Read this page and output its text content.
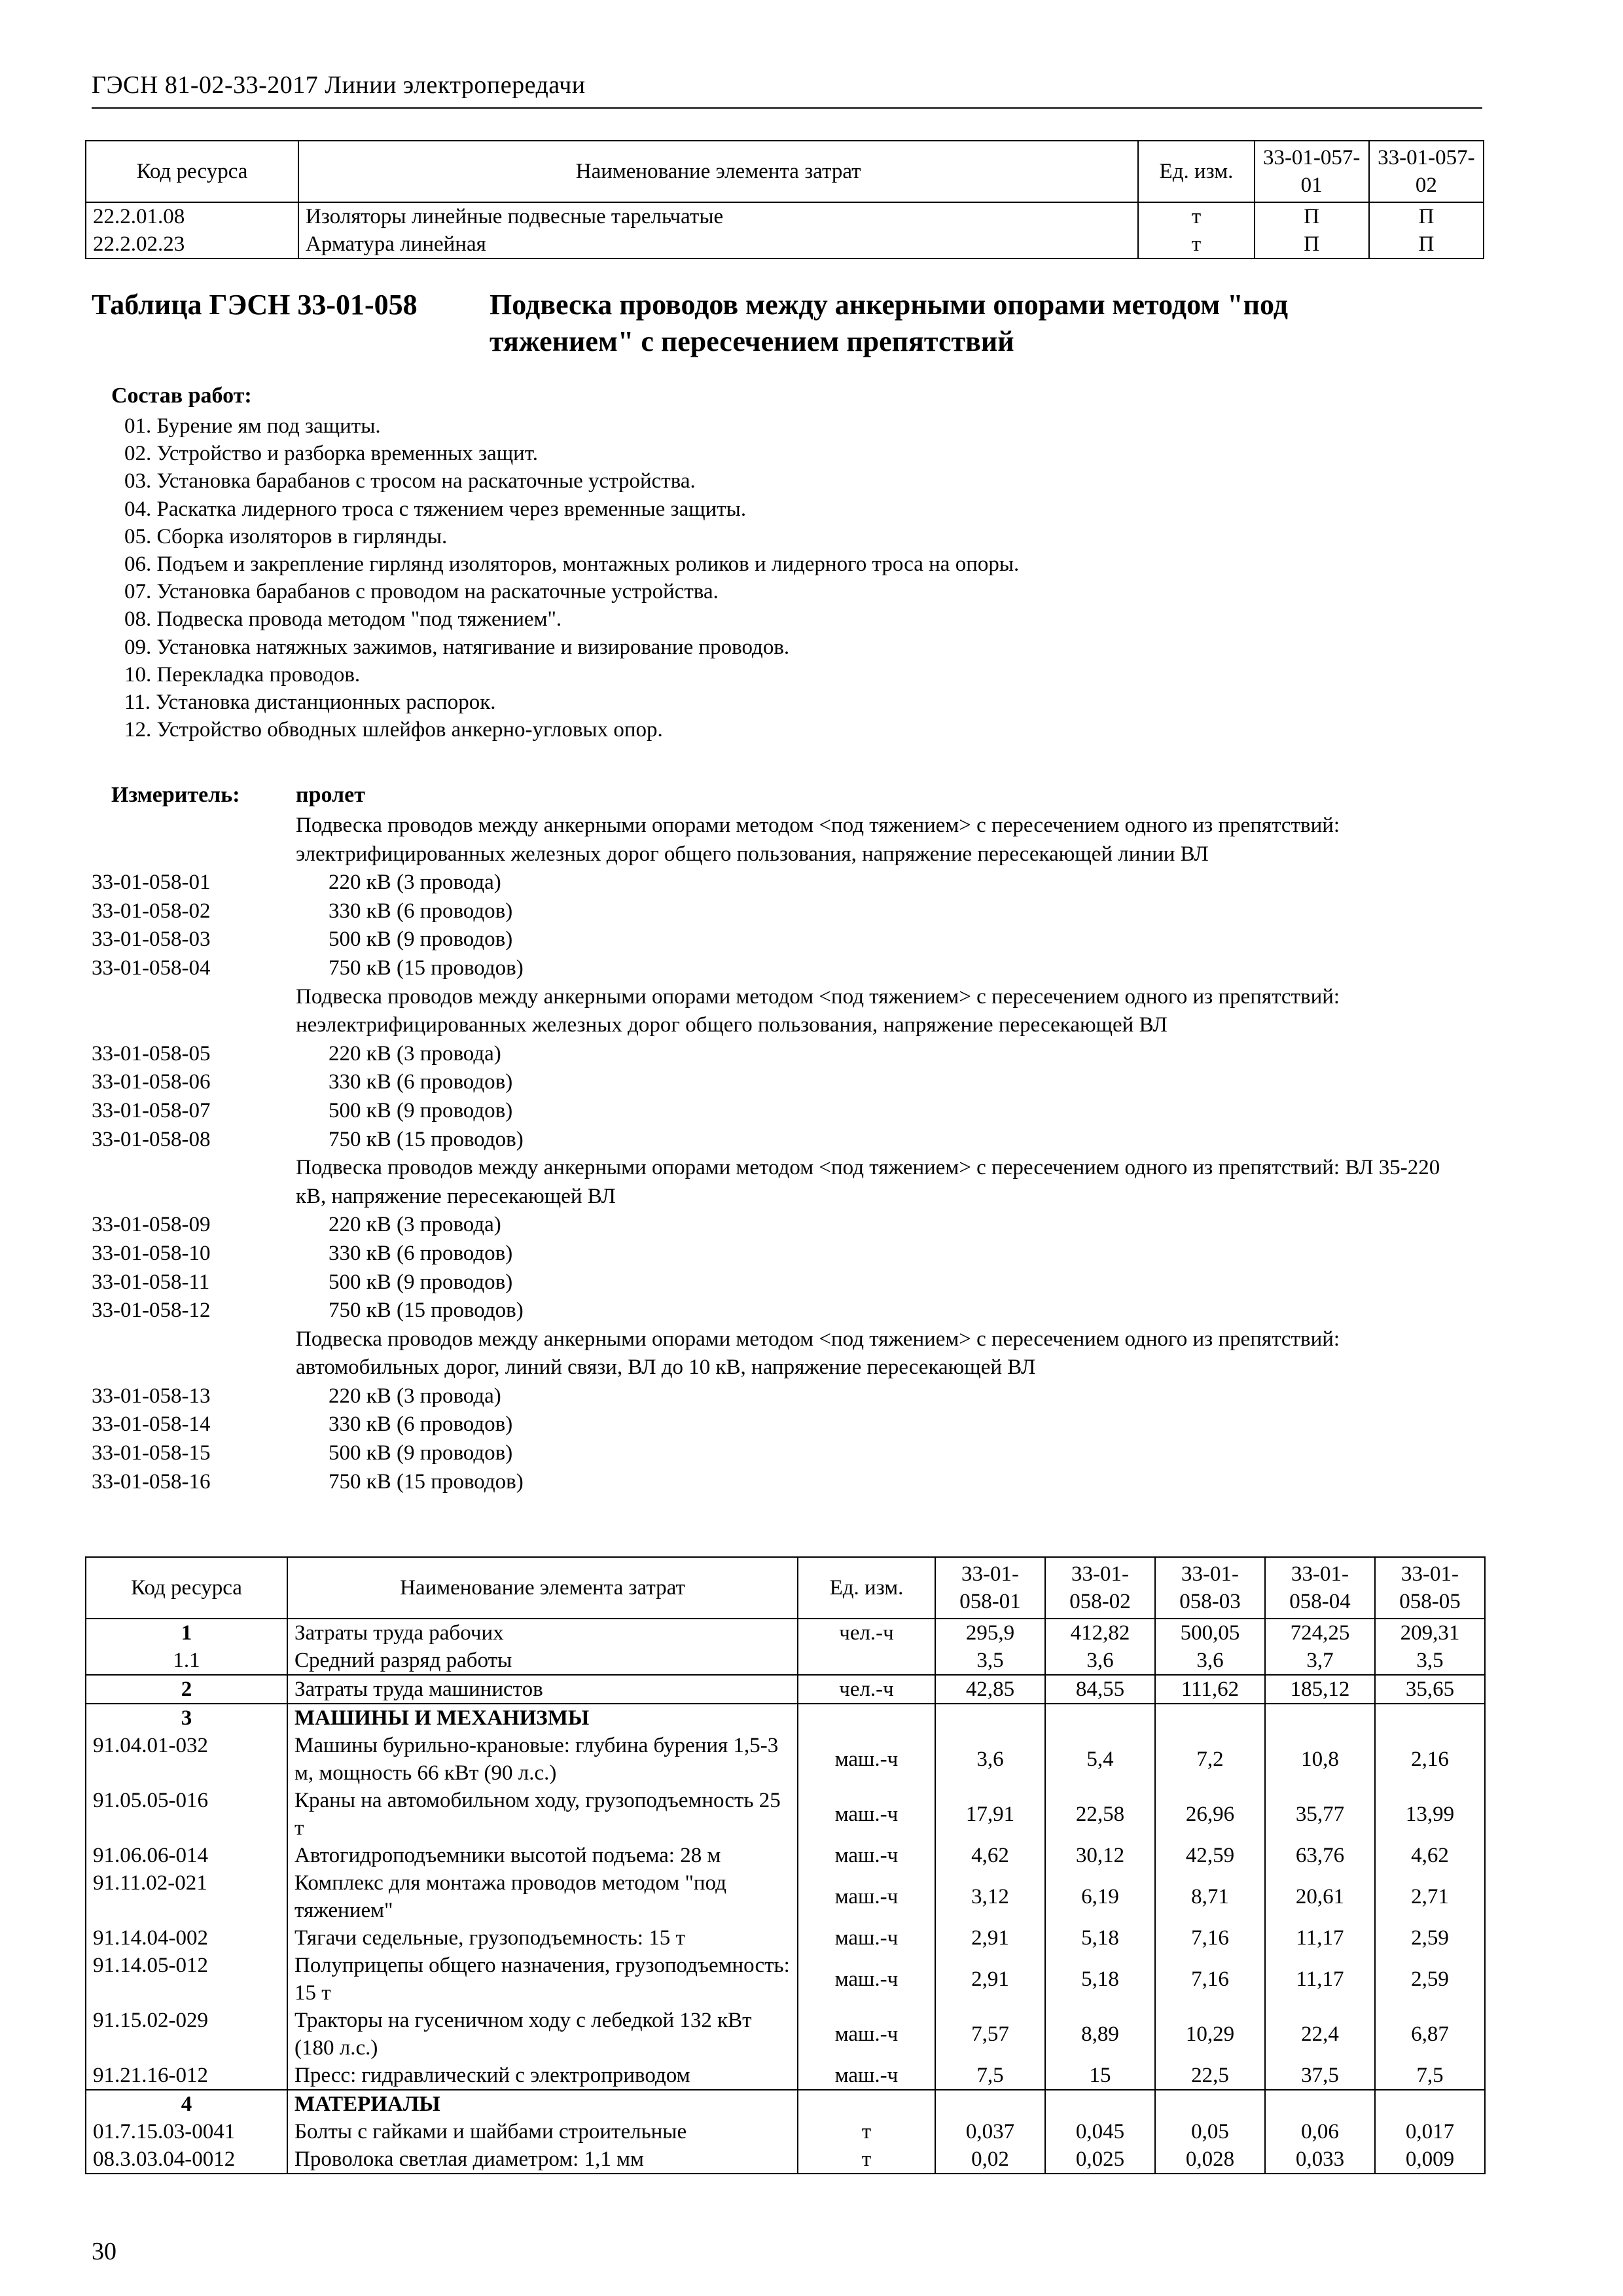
ГЭСН 81-02-33-2017 Линии электропередачи
Код ресурса	Наименование элемента затрат	Ед. изм.	33-01-057-01	33-01-057-02
22.2.01.08	Изоляторы линейные подвесные тарельчатые	т	П	П
22.2.02.23	Арматура линейная	т	П	П
Таблица ГЭСН 33-01-058	Подвеска проводов между анкерными опорами методом "под тяжением" с пересечением препятствий
Состав работ:
01. Бурение ям под защиты.
02. Устройство и разборка временных защит.
03. Установка барабанов с тросом на раскаточные устройства.
04. Раскатка лидерного троса с тяжением через временные защиты.
05. Сборка изоляторов в гирлянды.
06. Подъем и закрепление гирлянд изоляторов, монтажных роликов и лидерного троса на опоры.
07. Установка барабанов с проводом на раскаточные устройства.
08. Подвеска провода методом "под тяжением".
09. Установка натяжных зажимов, натягивание и визирование проводов.
10. Перекладка проводов.
11. Установка дистанционных распорок.
12. Устройство обводных шлейфов анкерно-угловых опор.
Измеритель:	пролет
Подвеска проводов между анкерными опорами методом <под тяжением> с пересечением одного из препятствий: электрифицированных железных дорог общего пользования, напряжение пересекающей линии ВЛ
33-01-058-01	220 кВ (3 провода)
33-01-058-02	330 кВ (6 проводов)
33-01-058-03	500 кВ (9 проводов)
33-01-058-04	750 кВ (15 проводов)
Подвеска проводов между анкерными опорами методом <под тяжением> с пересечением одного из препятствий: неэлектрифицированных железных дорог общего пользования, напряжение пересекающей ВЛ
33-01-058-05	220 кВ (3 провода)
33-01-058-06	330 кВ (6 проводов)
33-01-058-07	500 кВ (9 проводов)
33-01-058-08	750 кВ (15 проводов)
Подвеска проводов между анкерными опорами методом <под тяжением> с пересечением одного из препятствий: ВЛ 35-220 кВ, напряжение пересекающей ВЛ
33-01-058-09	220 кВ (3 провода)
33-01-058-10	330 кВ (6 проводов)
33-01-058-11	500 кВ (9 проводов)
33-01-058-12	750 кВ (15 проводов)
Подвеска проводов между анкерными опорами методом <под тяжением> с пересечением одного из препятствий: автомобильных дорог, линий связи, ВЛ до 10 кВ, напряжение пересекающей ВЛ
33-01-058-13	220 кВ (3 провода)
33-01-058-14	330 кВ (6 проводов)
33-01-058-15	500 кВ (9 проводов)
33-01-058-16	750 кВ (15 проводов)
Код ресурса	Наименование элемента затрат	Ед. изм.	33-01-058-01	33-01-058-02	33-01-058-03	33-01-058-04	33-01-058-05
1	Затраты труда рабочих	чел.-ч	295,9	412,82	500,05	724,25	209,31
1.1	Средний разряд работы		3,5	3,6	3,6	3,7	3,5
2	Затраты труда машинистов	чел.-ч	42,85	84,55	111,62	185,12	35,65
3	МАШИНЫ И МЕХАНИЗМЫ						
91.04.01-032	Машины бурильно-крановые: глубина бурения 1,5-3 м, мощность 66 кВт (90 л.с.)	маш.-ч	3,6	5,4	7,2	10,8	2,16
91.05.05-016	Краны на автомобильном ходу, грузоподъемность 25 т	маш.-ч	17,91	22,58	26,96	35,77	13,99
91.06.06-014	Автогидроподъемники высотой подъема: 28 м	маш.-ч	4,62	30,12	42,59	63,76	4,62
91.11.02-021	Комплекс для монтажа проводов методом "под тяжением"	маш.-ч	3,12	6,19	8,71	20,61	2,71
91.14.04-002	Тягачи седельные, грузоподъемность: 15 т	маш.-ч	2,91	5,18	7,16	11,17	2,59
91.14.05-012	Полуприцепы общего назначения, грузоподъемность: 15 т	маш.-ч	2,91	5,18	7,16	11,17	2,59
91.15.02-029	Тракторы на гусеничном ходу с лебедкой 132 кВт (180 л.с.)	маш.-ч	7,57	8,89	10,29	22,4	6,87
91.21.16-012	Пресс: гидравлический с электроприводом	маш.-ч	7,5	15	22,5	37,5	7,5
4	МАТЕРИАЛЫ						
01.7.15.03-0041	Болты с гайками и шайбами строительные	т	0,037	0,045	0,05	0,06	0,017
08.3.03.04-0012	Проволока светлая диаметром: 1,1 мм	т	0,02	0,025	0,028	0,033	0,009
30
